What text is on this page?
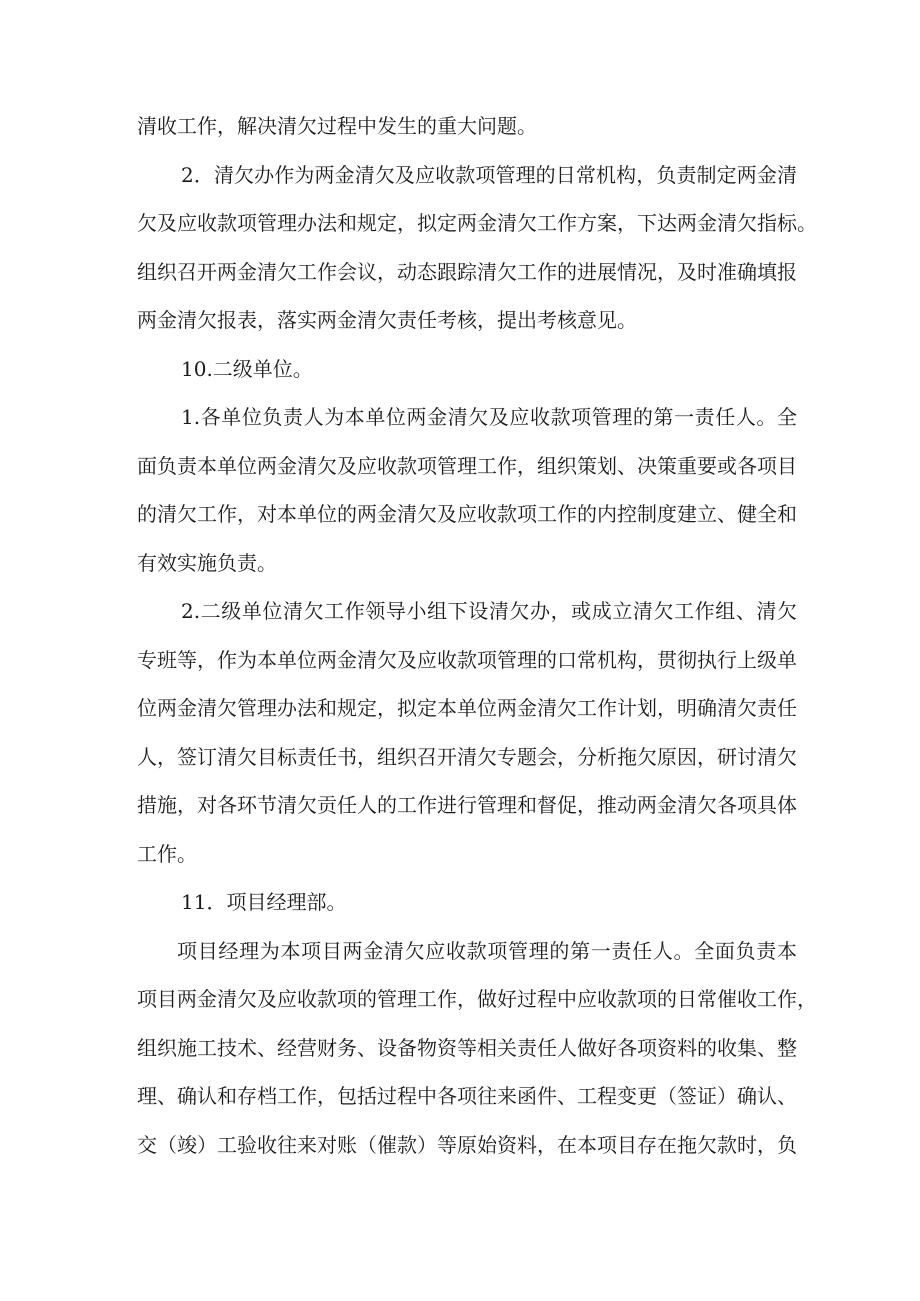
清收工作，解决清欠过程中发生的重大问题。
2．清欠办作为两金清欠及应收款项管理的日常机构，负责制定两金清
欠及应收款项管理办法和规定，拟定两金清欠工作方案，下达两金清欠指标。
组织召开两金清欠工作会议，动态跟踪清欠工作的进展情况，及时准确填报
两金清欠报表，落实两金清欠责任考核，提出考核意见。
10.二级单位。
1.各单位负责人为本单位两金清欠及应收款项管理的第一责任人。全
面负责本单位两金清欠及应收款项管理工作，组织策划、决策重要或各项目
的清欠工作，对本单位的两金清欠及应收款项工作的内控制度建立、健全和
有效实施负责。
2.二级单位清欠工作领导小组下设清欠办，或成立清欠工作组、清欠
专班等，作为本单位两金清欠及应收款项管理的口常机构，贯彻执行上级单
位两金清欠管理办法和规定，拟定本单位两金清欠工作计划，明确清欠责任
人，签订清欠目标责任书，组织召开清欠专题会，分析拖欠原因，研讨清欠
措施，对各环节清欠贡任人的工作进行管理和督促，推动两金清欠各项具体
工作。
11．项目经理部。
项目经理为本项目两金清欠应收款项管理的第一责任人。全面负责本
项目两金清欠及应收款项的管理工作，做好过程中应收款项的日常催收工作，
组织施工技术、经营财务、设备物资等相关责任人做好各项资料的收集、整
理、确认和存档工作，包括过程中各项往来函件、工程变更（签证）确认、
交（竣）工验收往来对账（催款）等原始资料，在本项目存在拖欠款时，负
